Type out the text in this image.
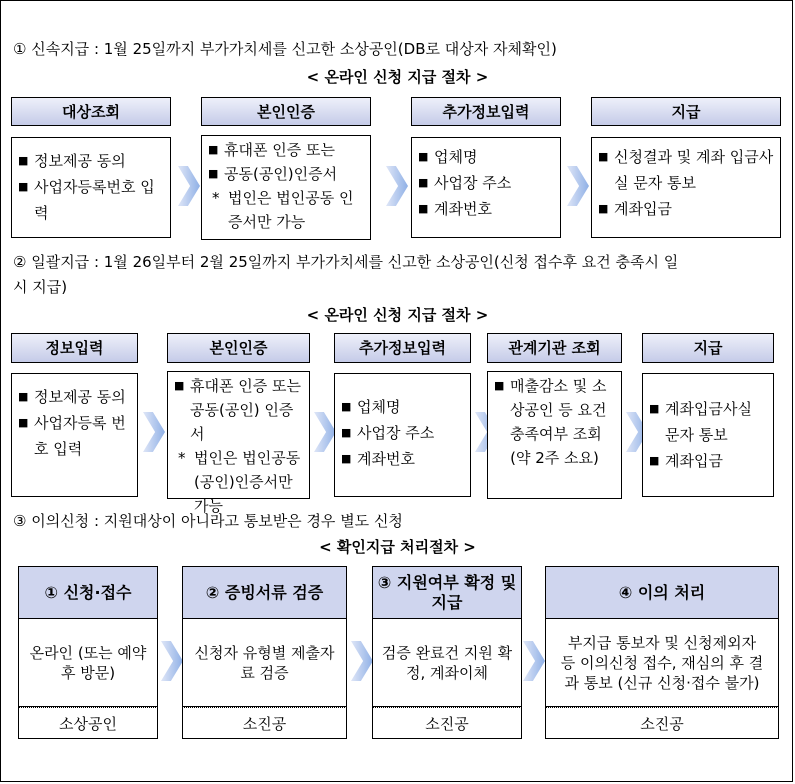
① 신속지급 : 1월 25일까지 부가가치세를 신고한 소상공인(DB로 대상자 자체확인)
< 온라인 신청 지급 절차 >
대상조회
■ 정보제공 동의
■ 사업자등록번호 입력
본인인증
■ 휴대폰 인증 또는
■ 공동(공인)인증서
* 법인은 법인공동 인증서만 가능
추가정보입력
■ 업체명
■ 사업장 주소
■ 계좌번호
지급
■ 신청결과 및 계좌 입금사실 문자 통보
■ 계좌입금
② 일괄지급 : 1월 26일부터 2월 25일까지 부가가치세를 신고한 소상공인(신청 접수후 요건 충족시 일
시 지급)
< 온라인 신청 지급 절차 >
정보입력
■ 정보제공 동의
■ 사업자등록 번호 입력
본인인증
■ 휴대폰 인증 또는 공동(공인) 인증서
* 법인은 법인공동(공인)인증서만 가능
추가정보입력
■ 업체명
■ 사업장 주소
■ 계좌번호
관계기관 조회
■ 매출감소 및 소상공인 등 요건 충족여부 조회
(약 2주 소요)
지급
■ 계좌입금사실 문자 통보
■ 계좌입금
③ 이의신청 : 지원대상이 아니라고 통보받은 경우 별도 신청
< 확인지급 처리절차 >
① 신청·접수
온라인 (또는 예약후 방문)
소상공인
② 증빙서류 검증
신청자 유형별 제출자료 검증
소진공
③ 지원여부 확정 및 지급
검증 완료건 지원 확정, 계좌이체
소진공
④ 이의 처리
부지급 통보자 및 신청제외자 등 이의신청 접수, 재심의 후 결과 통보 (신규 신청·접수 불가)
소진공
